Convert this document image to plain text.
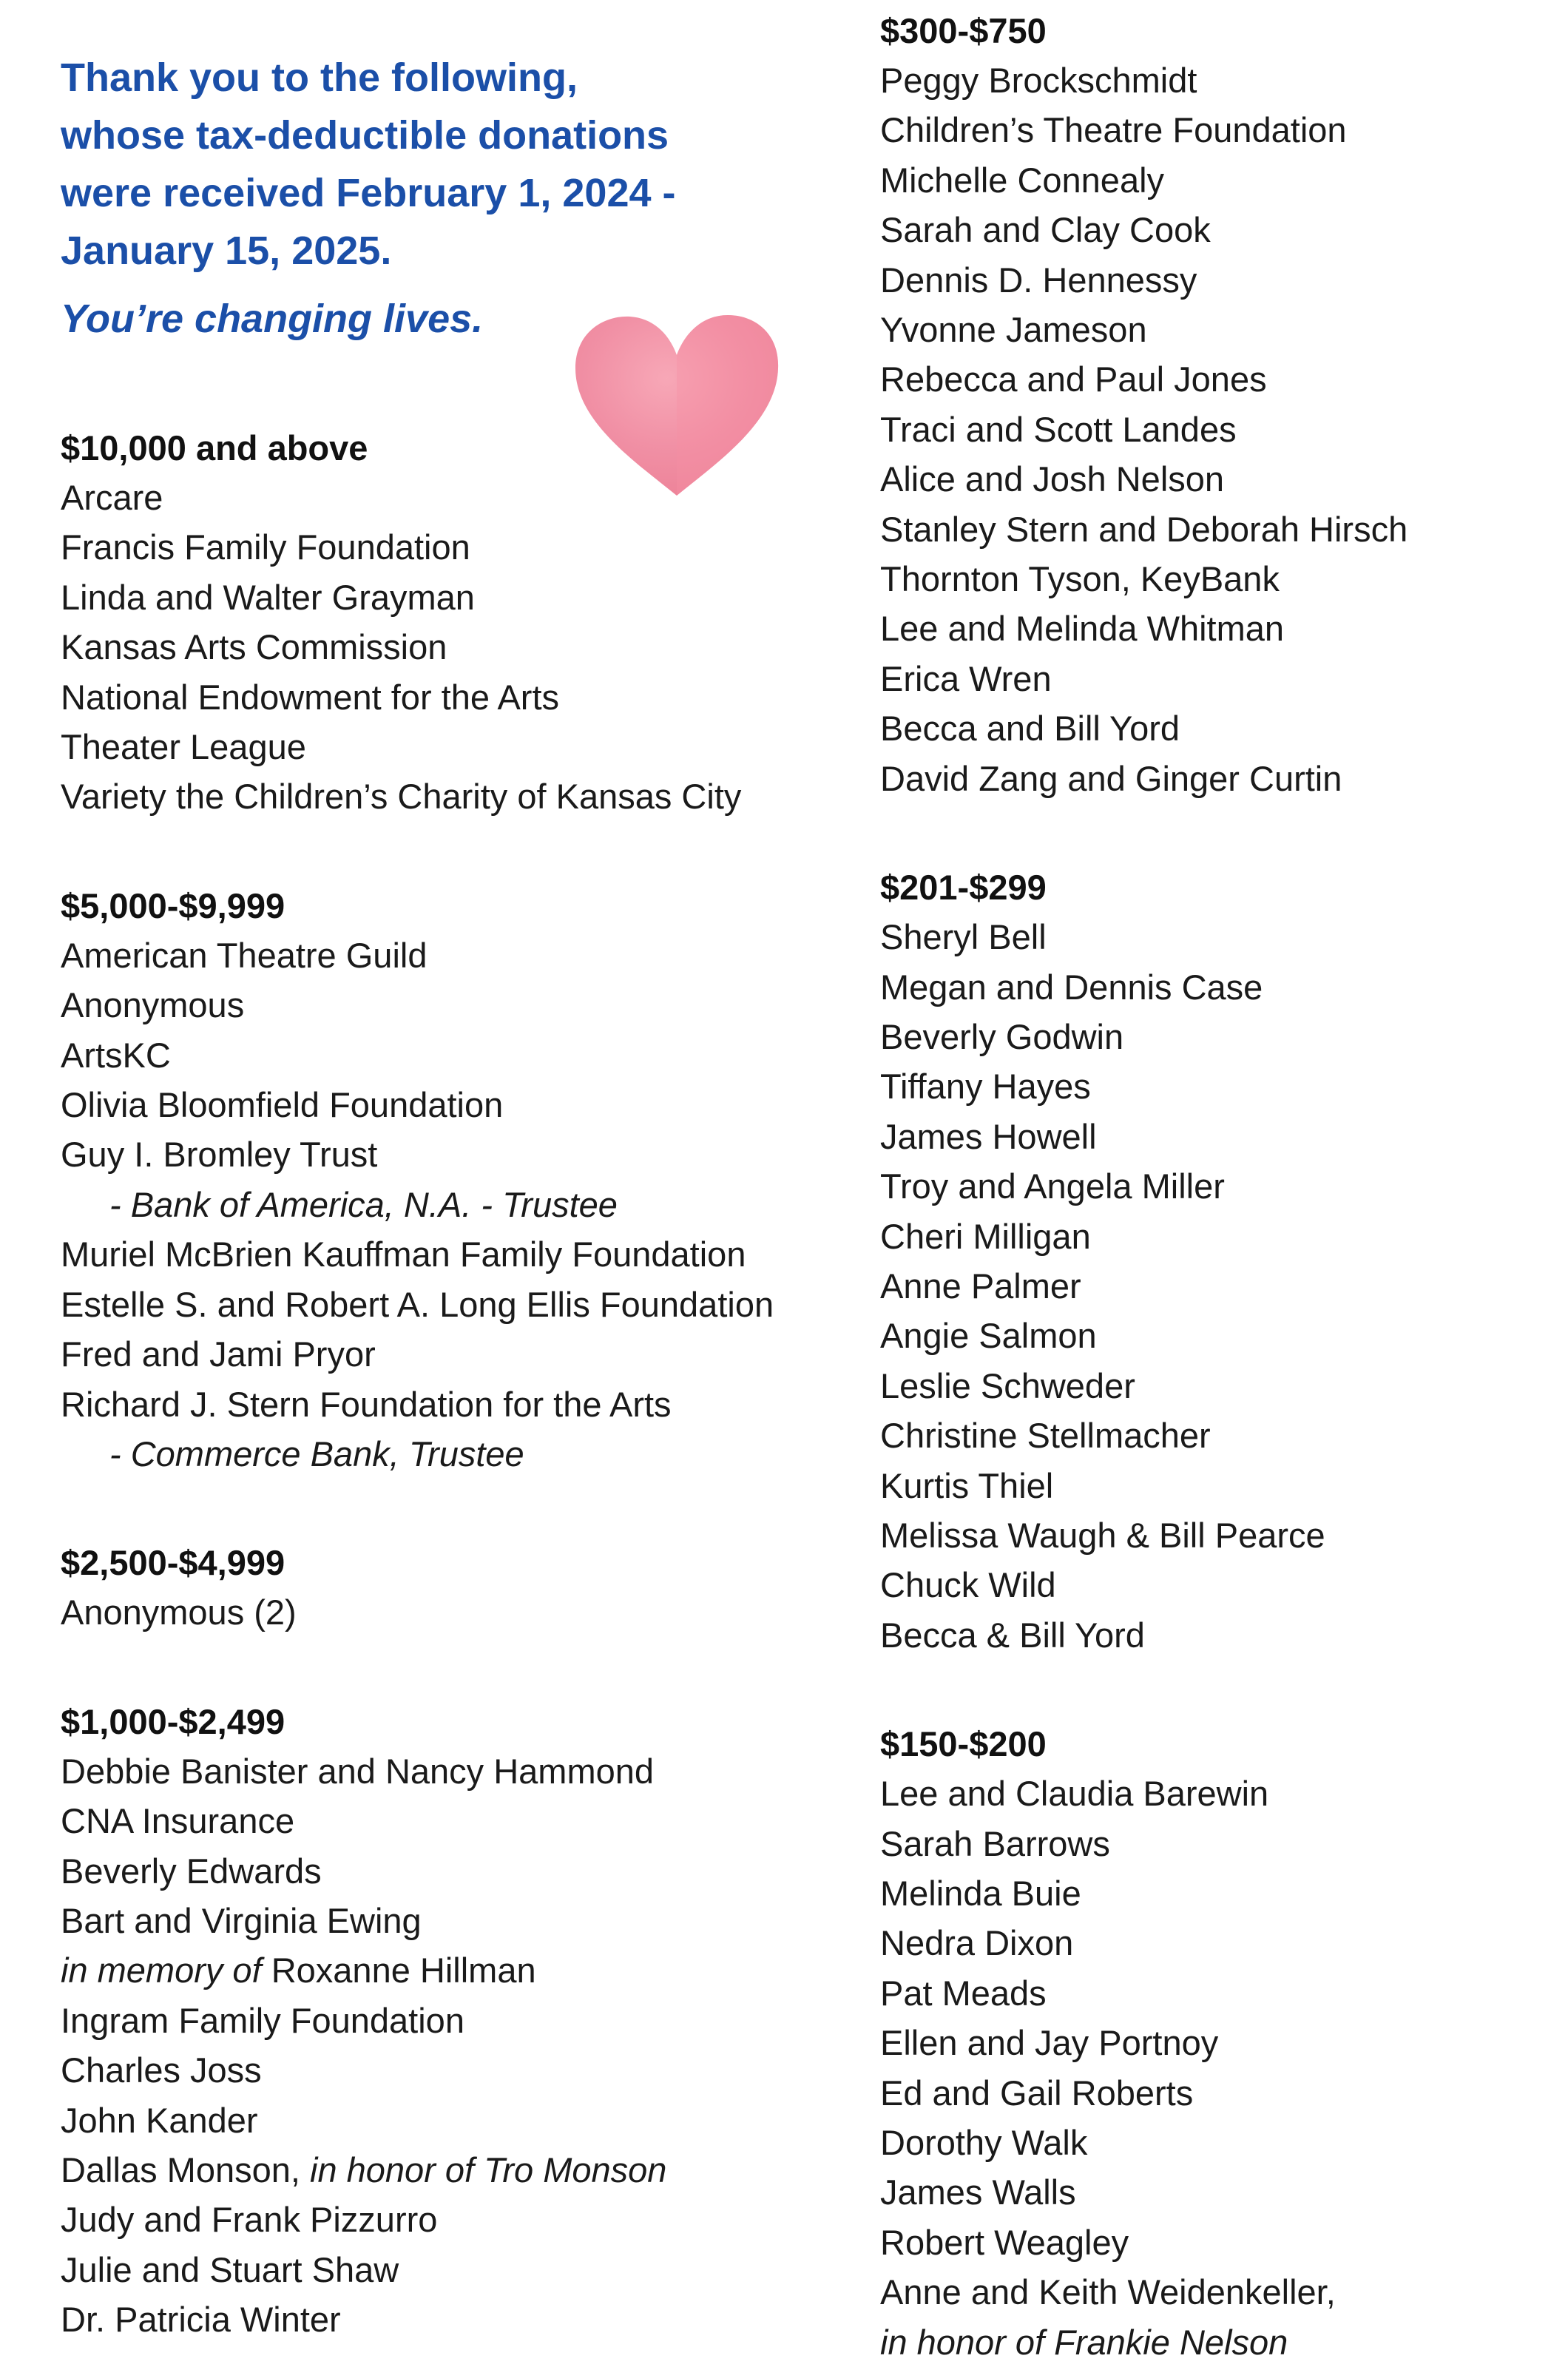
Thank you to the following,
whose tax-deductible donations
were received February 1, 2024 -
January 15, 2025.
You’re changing lives.
$10,000 and above
Arcare
Francis Family Foundation
Linda and Walter Grayman
Kansas Arts Commission
National Endowment for the Arts
Theater League
Variety the Children’s Charity of Kansas City
$5,000-$9,999
American Theatre Guild
Anonymous
ArtsKC
Olivia Bloomfield Foundation
Guy I. Bromley Trust
- Bank of America, N.A. - Trustee
Muriel McBrien Kauffman Family Foundation
Estelle S. and Robert A. Long Ellis Foundation
Fred and Jami Pryor
Richard J. Stern Foundation for the Arts
- Commerce Bank, Trustee
$2,500-$4,999
Anonymous (2)
$1,000-$2,499
Debbie Banister and Nancy Hammond
CNA Insurance
Beverly Edwards
Bart and Virginia Ewing
in memory of Roxanne Hillman
Ingram Family Foundation
Charles Joss
John Kander
Dallas Monson, in honor of Tro Monson
Judy and Frank Pizzurro
Julie and Stuart Shaw
Dr. Patricia Winter
$300-$750
Peggy Brockschmidt
Children’s Theatre Foundation
Michelle Connealy
Sarah and Clay Cook
Dennis D. Hennessy
Yvonne Jameson
Rebecca and Paul Jones
Traci and Scott Landes
Alice and Josh Nelson
Stanley Stern and Deborah Hirsch
Thornton Tyson, KeyBank
Lee and Melinda Whitman
Erica Wren
Becca and Bill Yord
David Zang and Ginger Curtin
$201-$299
Sheryl Bell
Megan and Dennis Case
Beverly Godwin
Tiffany Hayes
James Howell
Troy and Angela Miller
Cheri Milligan
Anne Palmer
Angie Salmon
Leslie Schweder
Christine Stellmacher
Kurtis Thiel
Melissa Waugh & Bill Pearce
Chuck Wild
Becca & Bill Yord
$150-$200
Lee and Claudia Barewin
Sarah Barrows
Melinda Buie
Nedra Dixon
Pat Meads
Ellen and Jay Portnoy
Ed and Gail Roberts
Dorothy Walk
James Walls
Robert Weagley
Anne and Keith Weidenkeller,
in honor of Frankie Nelson
